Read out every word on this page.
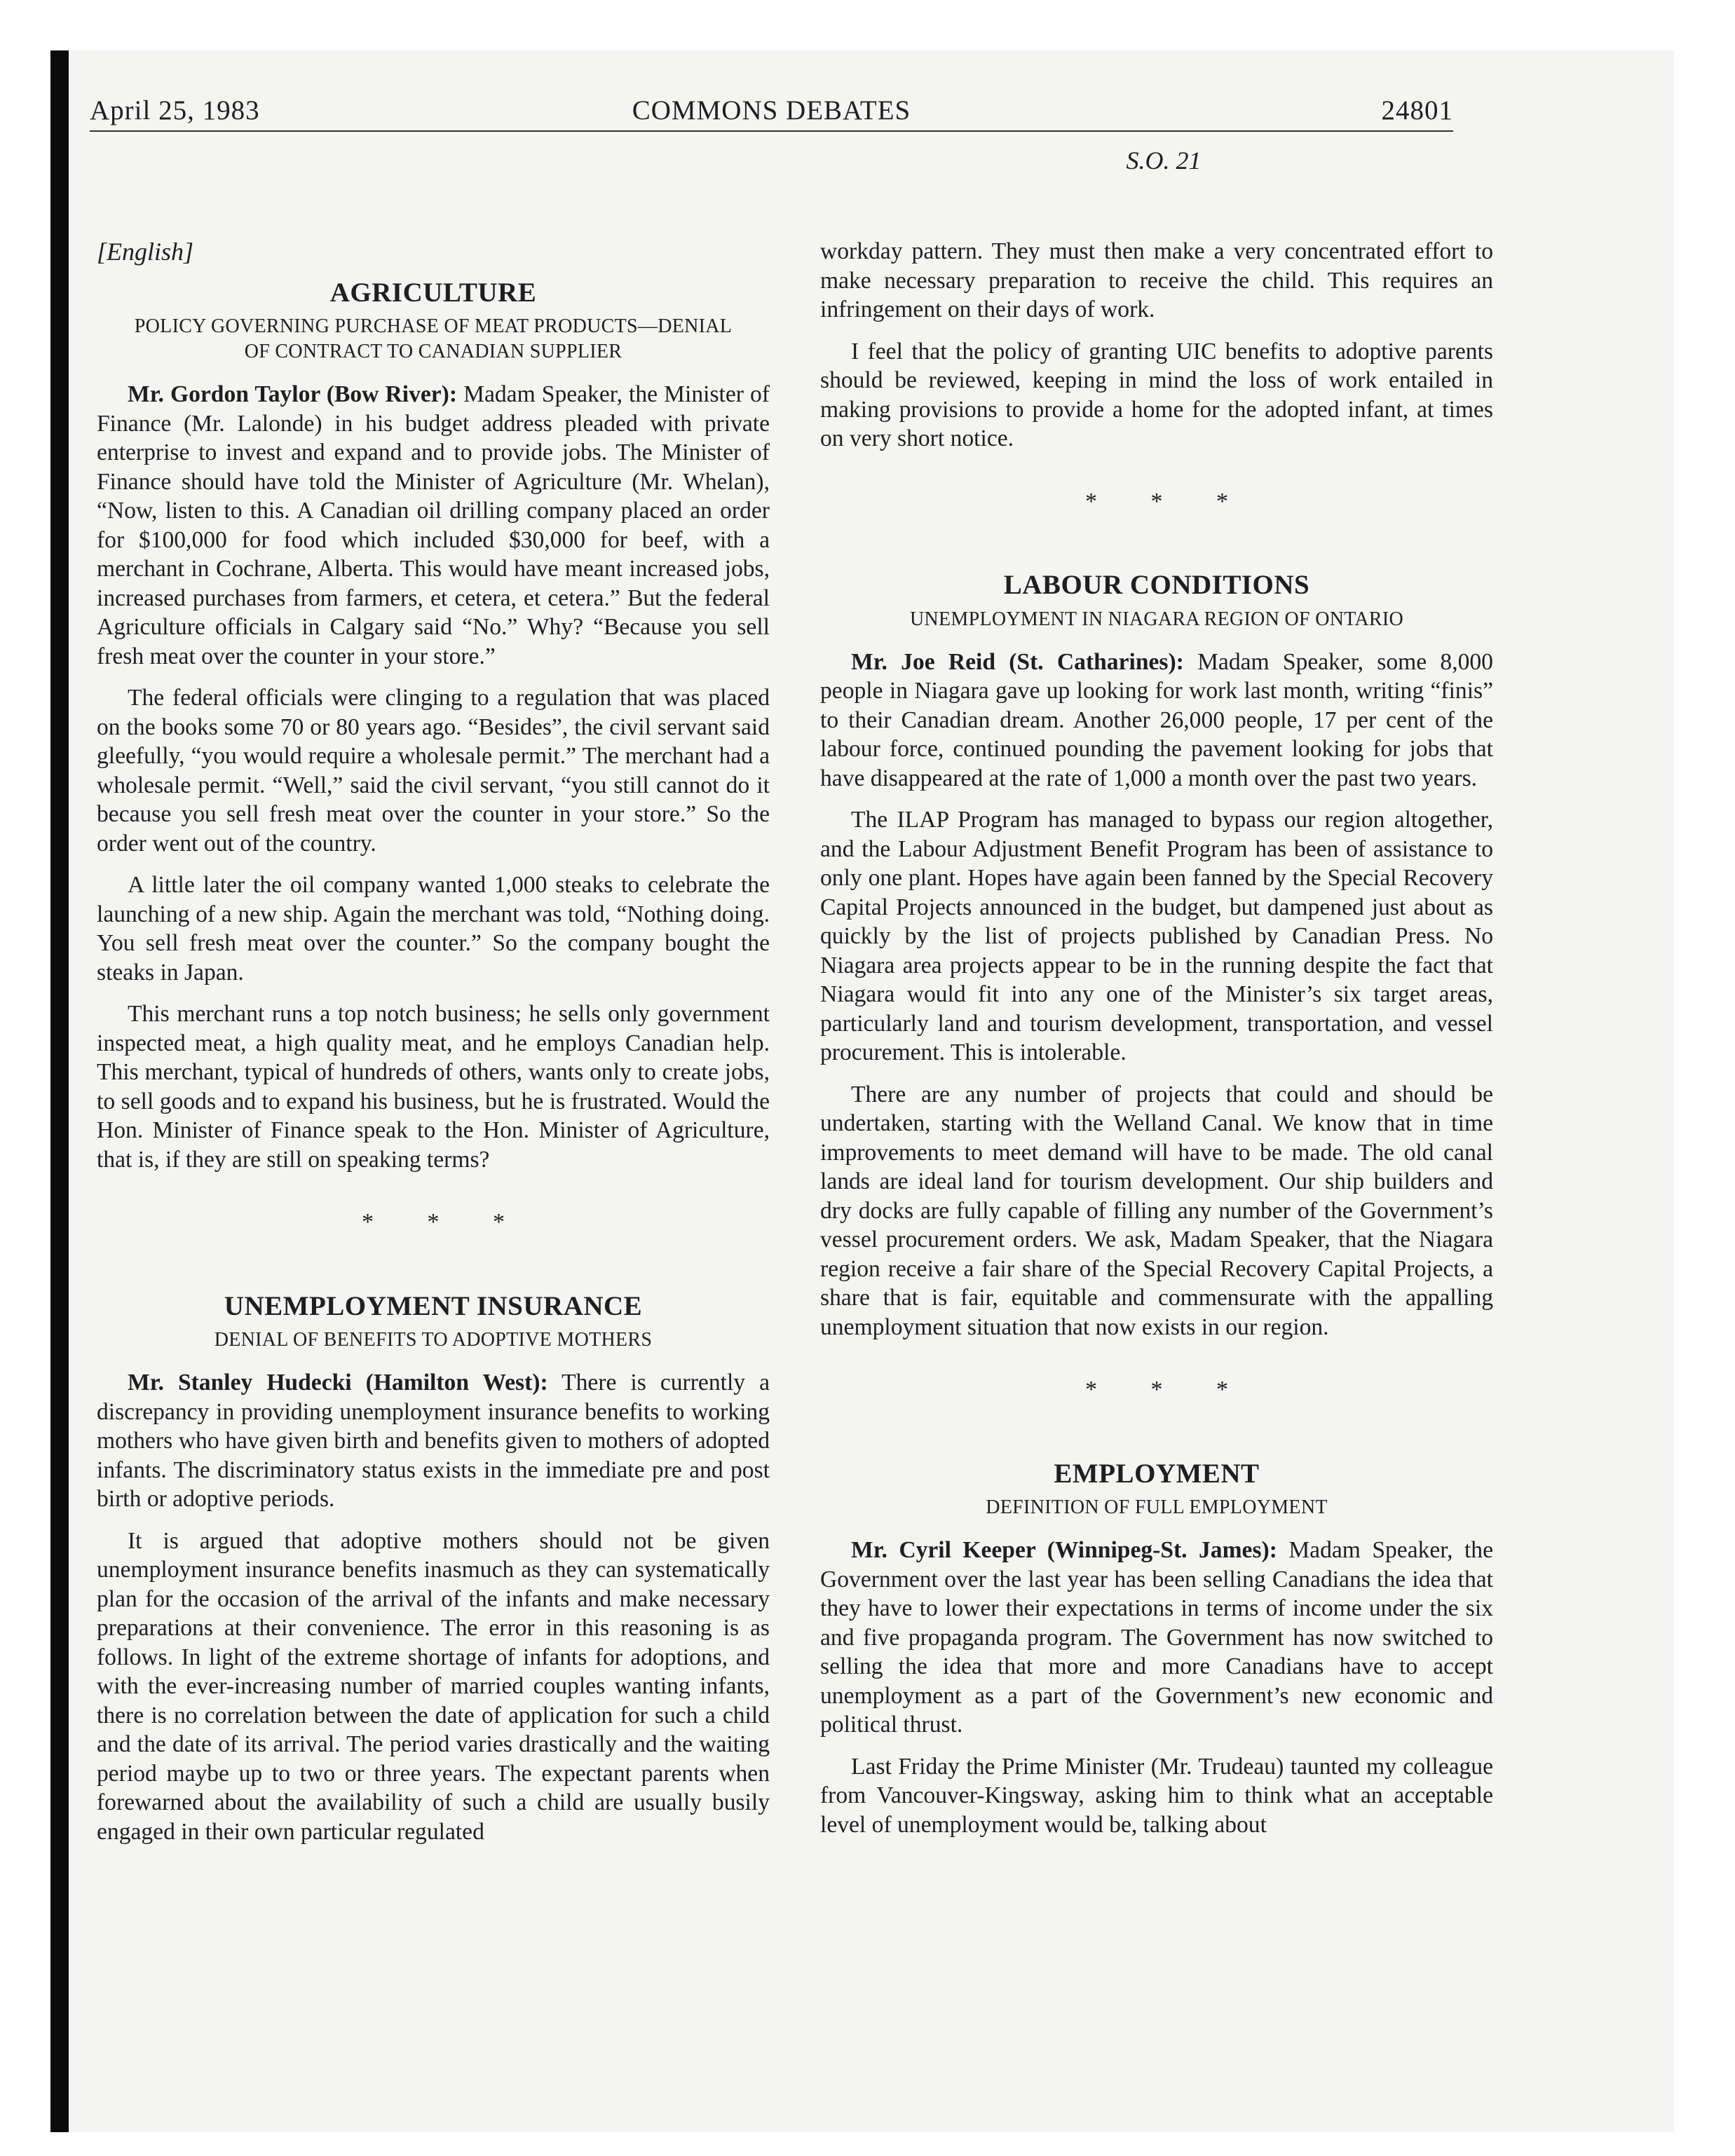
April 25, 1983	COMMONS DEBATES	24801
S.O. 21
[English]
AGRICULTURE
POLICY GOVERNING PURCHASE OF MEAT PRODUCTS—DENIAL OF CONTRACT TO CANADIAN SUPPLIER

Mr. Gordon Taylor (Bow River): Madam Speaker, the Minister of Finance (Mr. Lalonde) in his budget address pleaded with private enterprise to invest and expand and to provide jobs. The Minister of Finance should have told the Minister of Agriculture (Mr. Whelan), “Now, listen to this. A Canadian oil drilling company placed an order for $100,000 for food which included $30,000 for beef, with a merchant in Cochrane, Alberta. This would have meant increased jobs, increased purchases from farmers, et cetera, et cetera.” But the federal Agriculture officials in Calgary said “No.” Why? “Because you sell fresh meat over the counter in your store.”

The federal officials were clinging to a regulation that was placed on the books some 70 or 80 years ago. “Besides”, the civil servant said gleefully, “you would require a wholesale permit.” The merchant had a wholesale permit. “Well,” said the civil servant, “you still cannot do it because you sell fresh meat over the counter in your store.” So the order went out of the country.

A little later the oil company wanted 1,000 steaks to celebrate the launching of a new ship. Again the merchant was told, “Nothing doing. You sell fresh meat over the counter.” So the company bought the steaks in Japan.

This merchant runs a top notch business; he sells only government inspected meat, a high quality meat, and he employs Canadian help. This merchant, typical of hundreds of others, wants only to create jobs, to sell goods and to expand his business, but he is frustrated. Would the Hon. Minister of Finance speak to the Hon. Minister of Agriculture, that is, if they are still on speaking terms?

* * *
UNEMPLOYMENT INSURANCE
DENIAL OF BENEFITS TO ADOPTIVE MOTHERS

Mr. Stanley Hudecki (Hamilton West): There is currently a discrepancy in providing unemployment insurance benefits to working mothers who have given birth and benefits given to mothers of adopted infants. The discriminatory status exists in the immediate pre and post birth or adoptive periods.

It is argued that adoptive mothers should not be given unemployment insurance benefits inasmuch as they can systematically plan for the occasion of the arrival of the infants and make necessary preparations at their convenience. The error in this reasoning is as follows. In light of the extreme shortage of infants for adoptions, and with the ever-increasing number of married couples wanting infants, there is no correlation between the date of application for such a child and the date of its arrival. The period varies drastically and the waiting period maybe up to two or three years. The expectant parents when forewarned about the availability of such a child are usually busily engaged in their own particular regulated

workday pattern. They must then make a very concentrated effort to make necessary preparation to receive the child. This requires an infringement on their days of work.

I feel that the policy of granting UIC benefits to adoptive parents should be reviewed, keeping in mind the loss of work entailed in making provisions to provide a home for the adopted infant, at times on very short notice.

* * *
LABOUR CONDITIONS
UNEMPLOYMENT IN NIAGARA REGION OF ONTARIO

Mr. Joe Reid (St. Catharines): Madam Speaker, some 8,000 people in Niagara gave up looking for work last month, writing “finis” to their Canadian dream. Another 26,000 people, 17 per cent of the labour force, continued pounding the pavement looking for jobs that have disappeared at the rate of 1,000 a month over the past two years.

The ILAP Program has managed to bypass our region altogether, and the Labour Adjustment Benefit Program has been of assistance to only one plant. Hopes have again been fanned by the Special Recovery Capital Projects announced in the budget, but dampened just about as quickly by the list of projects published by Canadian Press. No Niagara area projects appear to be in the running despite the fact that Niagara would fit into any one of the Minister’s six target areas, particularly land and tourism development, transportation, and vessel procurement. This is intolerable.

There are any number of projects that could and should be undertaken, starting with the Welland Canal. We know that in time improvements to meet demand will have to be made. The old canal lands are ideal land for tourism development. Our ship builders and dry docks are fully capable of filling any number of the Government’s vessel procurement orders. We ask, Madam Speaker, that the Niagara region receive a fair share of the Special Recovery Capital Projects, a share that is fair, equitable and commensurate with the appalling unemployment situation that now exists in our region.

* * *
EMPLOYMENT
DEFINITION OF FULL EMPLOYMENT

Mr. Cyril Keeper (Winnipeg-St. James): Madam Speaker, the Government over the last year has been selling Canadians the idea that they have to lower their expectations in terms of income under the six and five propaganda program. The Government has now switched to selling the idea that more and more Canadians have to accept unemployment as a part of the Government’s new economic and political thrust.

Last Friday the Prime Minister (Mr. Trudeau) taunted my colleague from Vancouver-Kingsway, asking him to think what an acceptable level of unemployment would be, talking about
